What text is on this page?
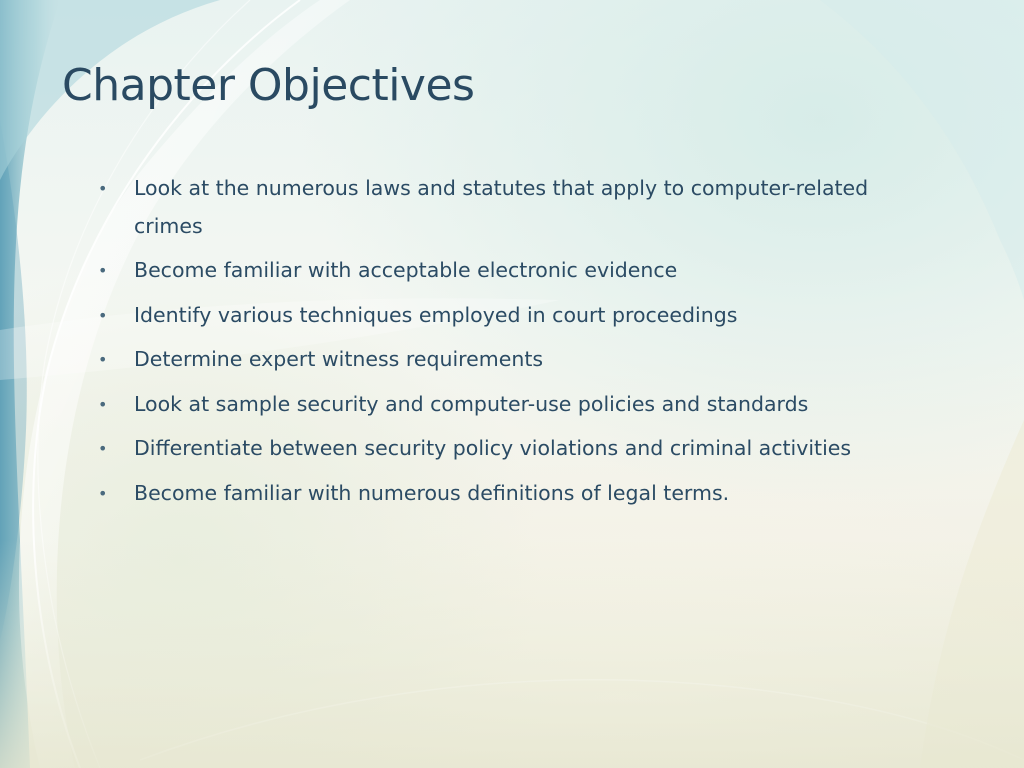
Chapter Objectives
• Look at the numerous laws and statutes that apply to computer-related crimes
• Become familiar with acceptable electronic evidence
• Identify various techniques employed in court proceedings
• Determine expert witness requirements
• Look at sample security and computer-use policies and standards
• Differentiate between security policy violations and criminal activities
• Become familiar with numerous definitions of legal terms.
